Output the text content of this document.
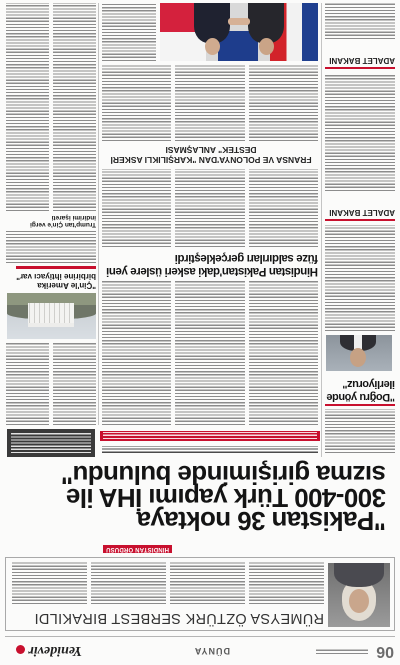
06
DÜNYA
Yenidevir
RÜMEYSA ÖZTÜRK SERBEST BIRAKILDI
HİNDİSTAN ORDUSU
"Pakistan 36 noktaya
300-400 Türk yapımı İHA ile
sızma girişiminde bulundu"
Hindistan Pakistan'daki askeri üslere yeni füze saldırıları gerçekleştirdi
FRANSA VE POLONYA'DAN "KARŞILIKLI ASKERİ DESTEK" ANLAŞMASI
"Doğru yönde ilerliyoruz"
ADALET BAKANI
ADALET BAKANI
"Çin'le Amerika birbirine ihtiyacı var"
Trump'tan Çin'e vergi indirimi işareti
